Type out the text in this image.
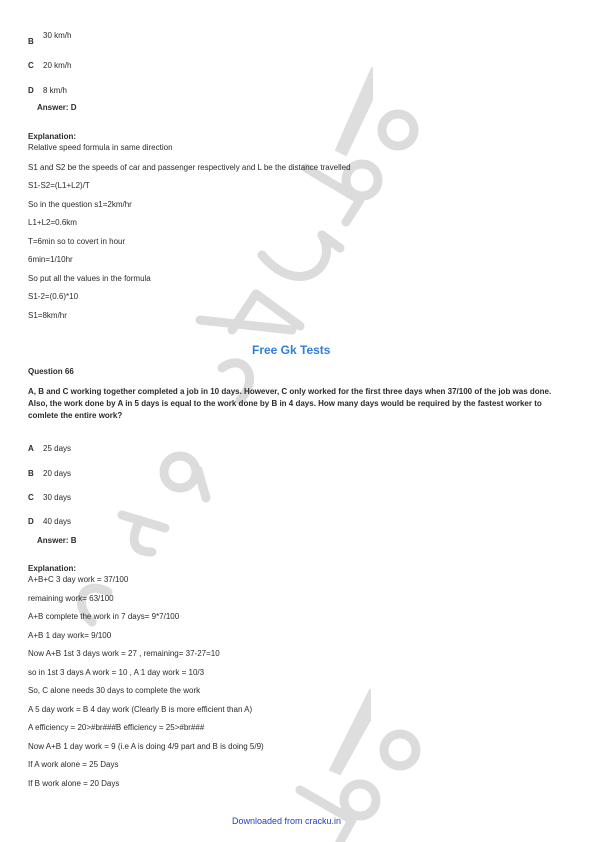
B
30 km/h
C 20 km/h
D 8 km/h
Answer: D
Explanation:
Relative speed formula in same direction
S1 and S2 be the speeds of car and passenger respectively and L be the distance travelled
S1-S2=(L1+L2)/T
So in the question s1=2km/hr
L1+L2=0.6km
T=6min so to covert in hour
6min=1/10hr
So put all the values in the formula
S1-2=(0.6)*10
S1=8km/hr
Free Gk Tests
Question 66
A, B and C working together completed a job in 10 days. However, C only worked for the first three days when 37/100 of the job was done. Also, the work done by A in 5 days is equal to the work done by B in 4 days. How many days would be required by the fastest worker to comlete the entire work?
A 25 days
B 20 days
C 30 days
D 40 days
Answer: B
Explanation:
A+B+C 3 day work = 37/100
remaining work= 63/100
A+B complete the work in 7 days= 9*7/100
A+B 1 day work= 9/100
Now A+B 1st 3 days work = 27 , remaining= 37-27=10
so in 1st 3 days A work = 10 , A 1 day work = 10/3
So, C alone needs 30 days to complete the work
A 5 day work = B 4 day work (Clearly B is more efficient than A)
A efficiency = 20>#br###B efficiency = 25>#br###
Now A+B 1 day work = 9 (i.e A is doing 4/9 part and B is doing 5/9)
If A work alone = 25 Days
If B work alone = 20 Days
Downloaded from cracku.in
